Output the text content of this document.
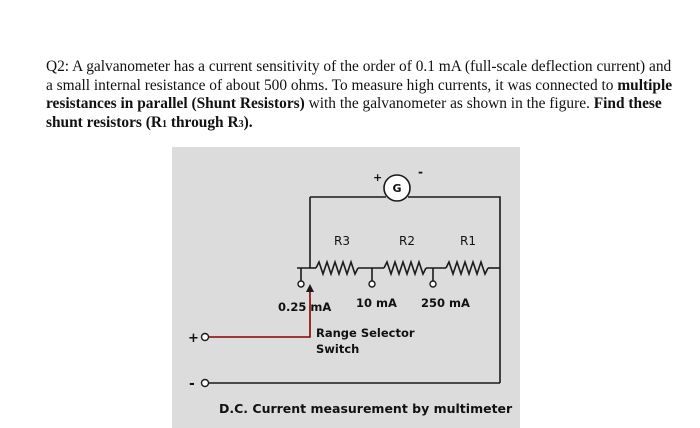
Q2: A galvanometer has a current sensitivity of the order of 0.1 mA (full-scale deflection current) and a small internal resistance of about 500 ohms. To measure high currents, it was connected to multiple resistances in parallel (Shunt Resistors) with the galvanometer as shown in the figure. Find these shunt resistors (R1 through R3).
G
+	-
R3	R2	R1
0.25 mA 10 mA 250 mA
Range Selector
Switch
+
-
D.C. Current measurement by multimeter
